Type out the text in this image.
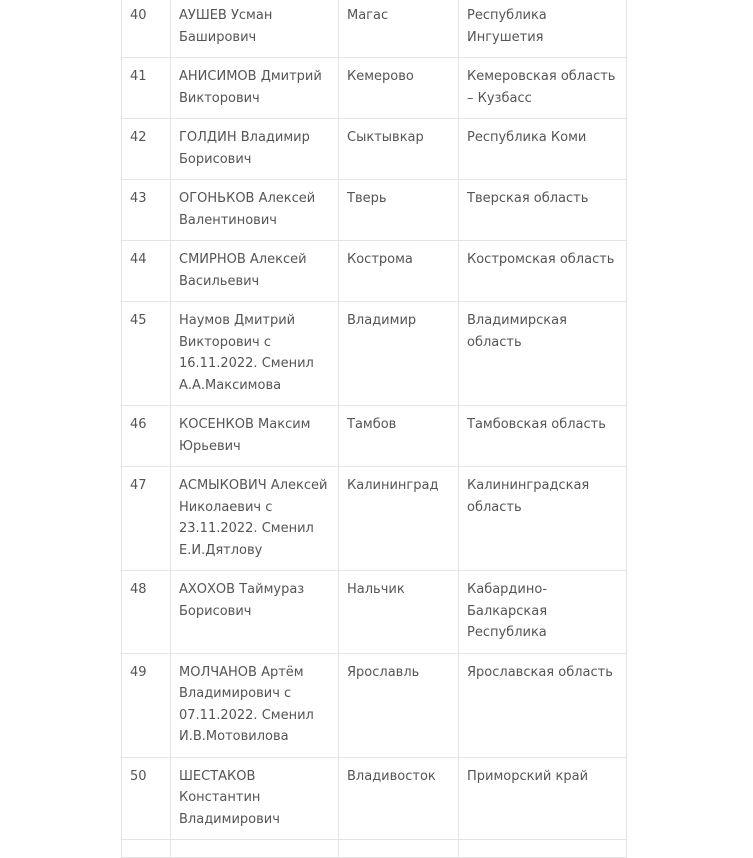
40	АУШЕВ Усман Баширович	Магас	Республика Ингушетия
41	АНИСИМОВ Дмитрий Викторович	Кемерово	Кемеровская область – Кузбасс
42	ГОЛДИН Владимир Борисович	Сыктывкар	Республика Коми
43	ОГОНЬКОВ Алексей Валентинович	Тверь	Тверская область
44	СМИРНОВ Алексей Васильевич	Кострома	Костромская область
45	Наумов Дмитрий Викторович с 16.11.2022. Сменил А.А.Максимова	Владимир	Владимирская область
46	КОСЕНКОВ Максим Юрьевич	Тамбов	Тамбовская область
47	АСМЫКОВИЧ Алексей Николаевич с 23.11.2022. Сменил Е.И.Дятлову	Калининград	Калининградская область
48	АХОХОВ Таймураз Борисович	Нальчик	Кабардино-Балкарская Республика
49	МОЛЧАНОВ Артём Владимирович с 07.11.2022. Сменил И.В.Мотовилова	Ярославль	Ярославская область
50	ШЕСТАКОВ Константин Владимирович	Владивосток	Приморский край
